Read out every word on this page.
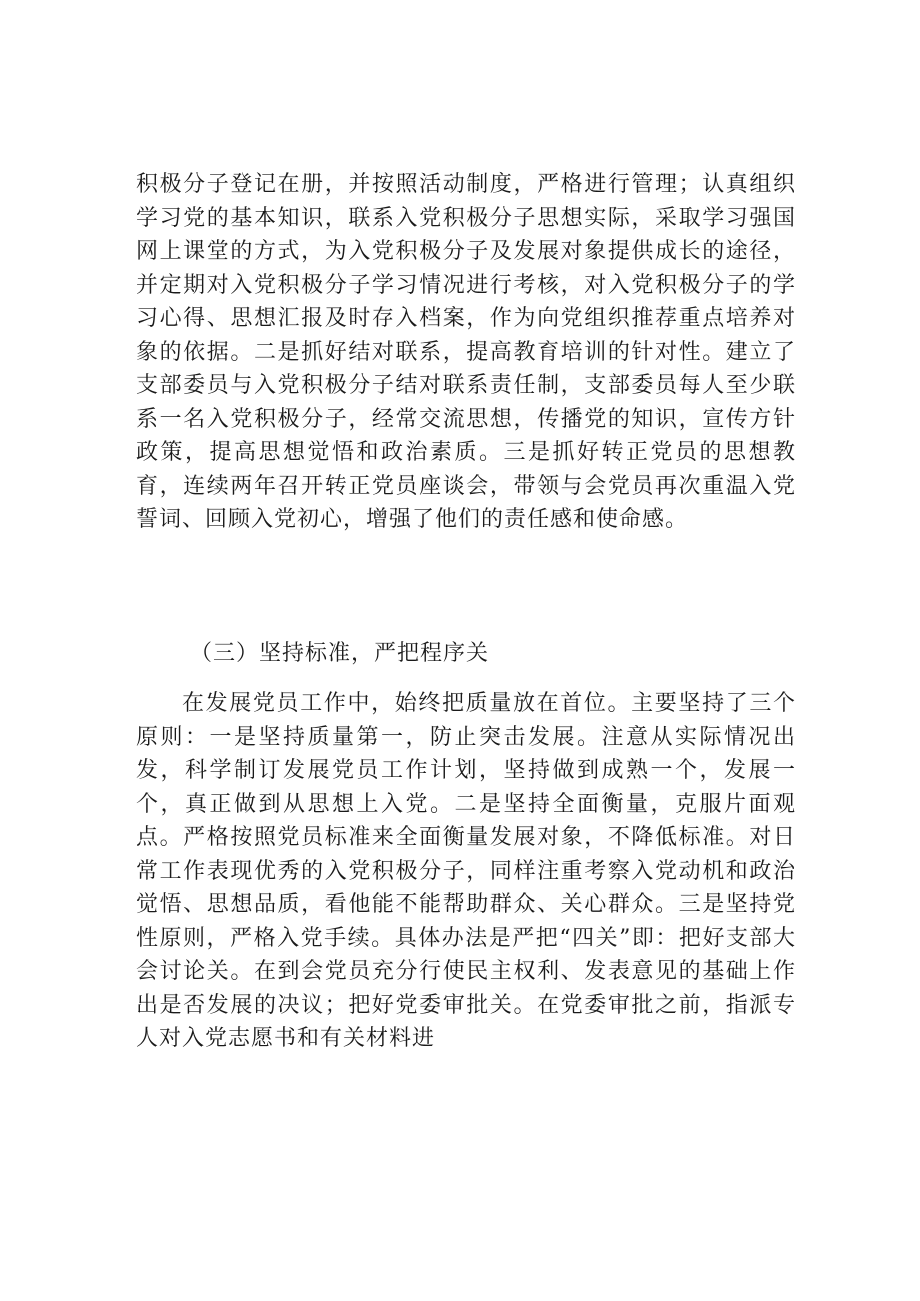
积极分子登记在册，并按照活动制度，严格进行管理；认真组织学习党的基本知识，联系入党积极分子思想实际，采取学习强国网上课堂的方式，为入党积极分子及发展对象提供成长的途径，并定期对入党积极分子学习情况进行考核，对入党积极分子的学习心得、思想汇报及时存入档案，作为向党组织推荐重点培养对象的依据。二是抓好结对联系，提高教育培训的针对性。建立了支部委员与入党积极分子结对联系责任制，支部委员每人至少联系一名入党积极分子，经常交流思想，传播党的知识，宣传方针政策，提高思想觉悟和政治素质。三是抓好转正党员的思想教育，连续两年召开转正党员座谈会，带领与会党员再次重温入党誓词、回顾入党初心，增强了他们的责任感和使命感。

（三）坚持标准，严把程序关

在发展党员工作中，始终把质量放在首位。主要坚持了三个原则：一是坚持质量第一，防止突击发展。注意从实际情况出发，科学制订发展党员工作计划，坚持做到成熟一个，发展一个，真正做到从思想上入党。二是坚持全面衡量，克服片面观点。严格按照党员标准来全面衡量发展对象，不降低标准。对日常工作表现优秀的入党积极分子，同样注重考察入党动机和政治觉悟、思想品质，看他能不能帮助群众、关心群众。三是坚持党性原则，严格入党手续。具体办法是严把“四关”即：把好支部大会讨论关。在到会党员充分行使民主权利、发表意见的基础上作出是否发展的决议；把好党委审批关。在党委审批之前，指派专人对入党志愿书和有关材料进
